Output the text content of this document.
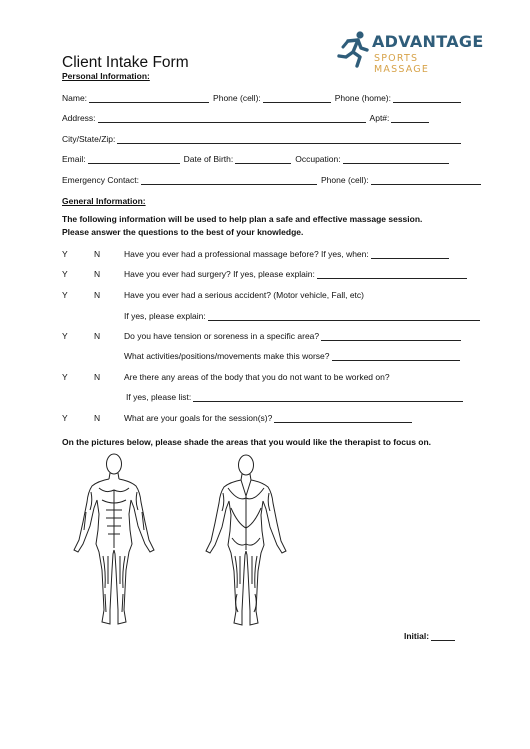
ADVANTAGE
SPORTS MASSAGE
Client Intake Form
Personal Information:
Name:	Phone (cell):	Phone (home):
Address:	Apt#:
City/State/Zip:
Email:	Date of Birth:	Occupation:
Emergency Contact:	Phone (cell):
General Information:
The following information will be used to help plan a safe and effective massage session.
Please answer the questions to the best of your knowledge.
Y	N	Have you ever had a professional massage before? If yes, when:
Y	N	Have you ever had surgery? If yes, please explain:
Y	N	Have you ever had a serious accident? (Motor vehicle, Fall, etc)
If yes, please explain:
Y	N	Do you have tension or soreness in a specific area?
What activities/positions/movements make this worse?
Y	N	Are there any areas of the body that you do not want to be worked on?
If yes, please list:
Y	N	What are your goals for the session(s)?
On the pictures below, please shade the areas that you would like the therapist to focus on.
Initial:
